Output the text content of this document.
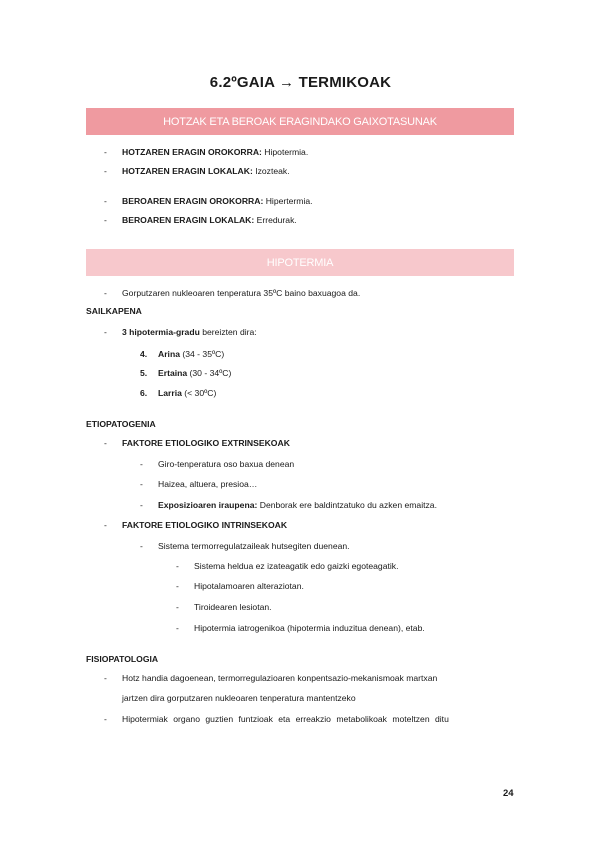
6.2ºGAIA → TERMIKOAK
HOTZAK ETA BEROAK ERAGINDAKO GAIXOTASUNAK
- HOTZAREN ERAGIN OROKORRA: Hipotermia.
- HOTZAREN ERAGIN LOKALAK: Izozteak.
- BEROAREN ERAGIN OROKORRA: Hipertermia.
- BEROAREN ERAGIN LOKALAK: Erredurak.
HIPOTERMIA
- Gorputzaren nukleoaren tenperatura 35ºC baino baxuagoa da.
SAILKAPENA
- 3 hipotermia-gradu bereizten dira:
4. Arina (34 - 35ºC)
5. Ertaina (30 - 34ºC)
6. Larria (< 30ºC)
ETIOPATOGENIA
- FAKTORE ETIOLOGIKO EXTRINSEKOAK
- Giro-tenperatura oso baxua denean
- Haizea, altuera, presioa…
- Exposizioaren iraupena: Denborak ere baldintzatuko du azken emaitza.
- FAKTORE ETIOLOGIKO INTRINSEKOAK
- Sistema termorregulatzaileak hutsegiten duenean.
- Sistema heldua ez izateagatik edo gaizki egoteagatik.
- Hipotalamoaren alteraziotan.
- Tiroidearen lesiotan.
- Hipotermia iatrogenikoa (hipotermia induzitua denean), etab.
FISIOPATOLOGIA
- Hotz handia dagoenean, termorregulazioaren konpentsazio-mekanismoak martxan
jartzen dira gorputzaren nukleoaren tenperatura mantentzeko
- Hipotermiak organo guztien funtzioak eta erreakzio metabolikoak moteltzen ditu
24
